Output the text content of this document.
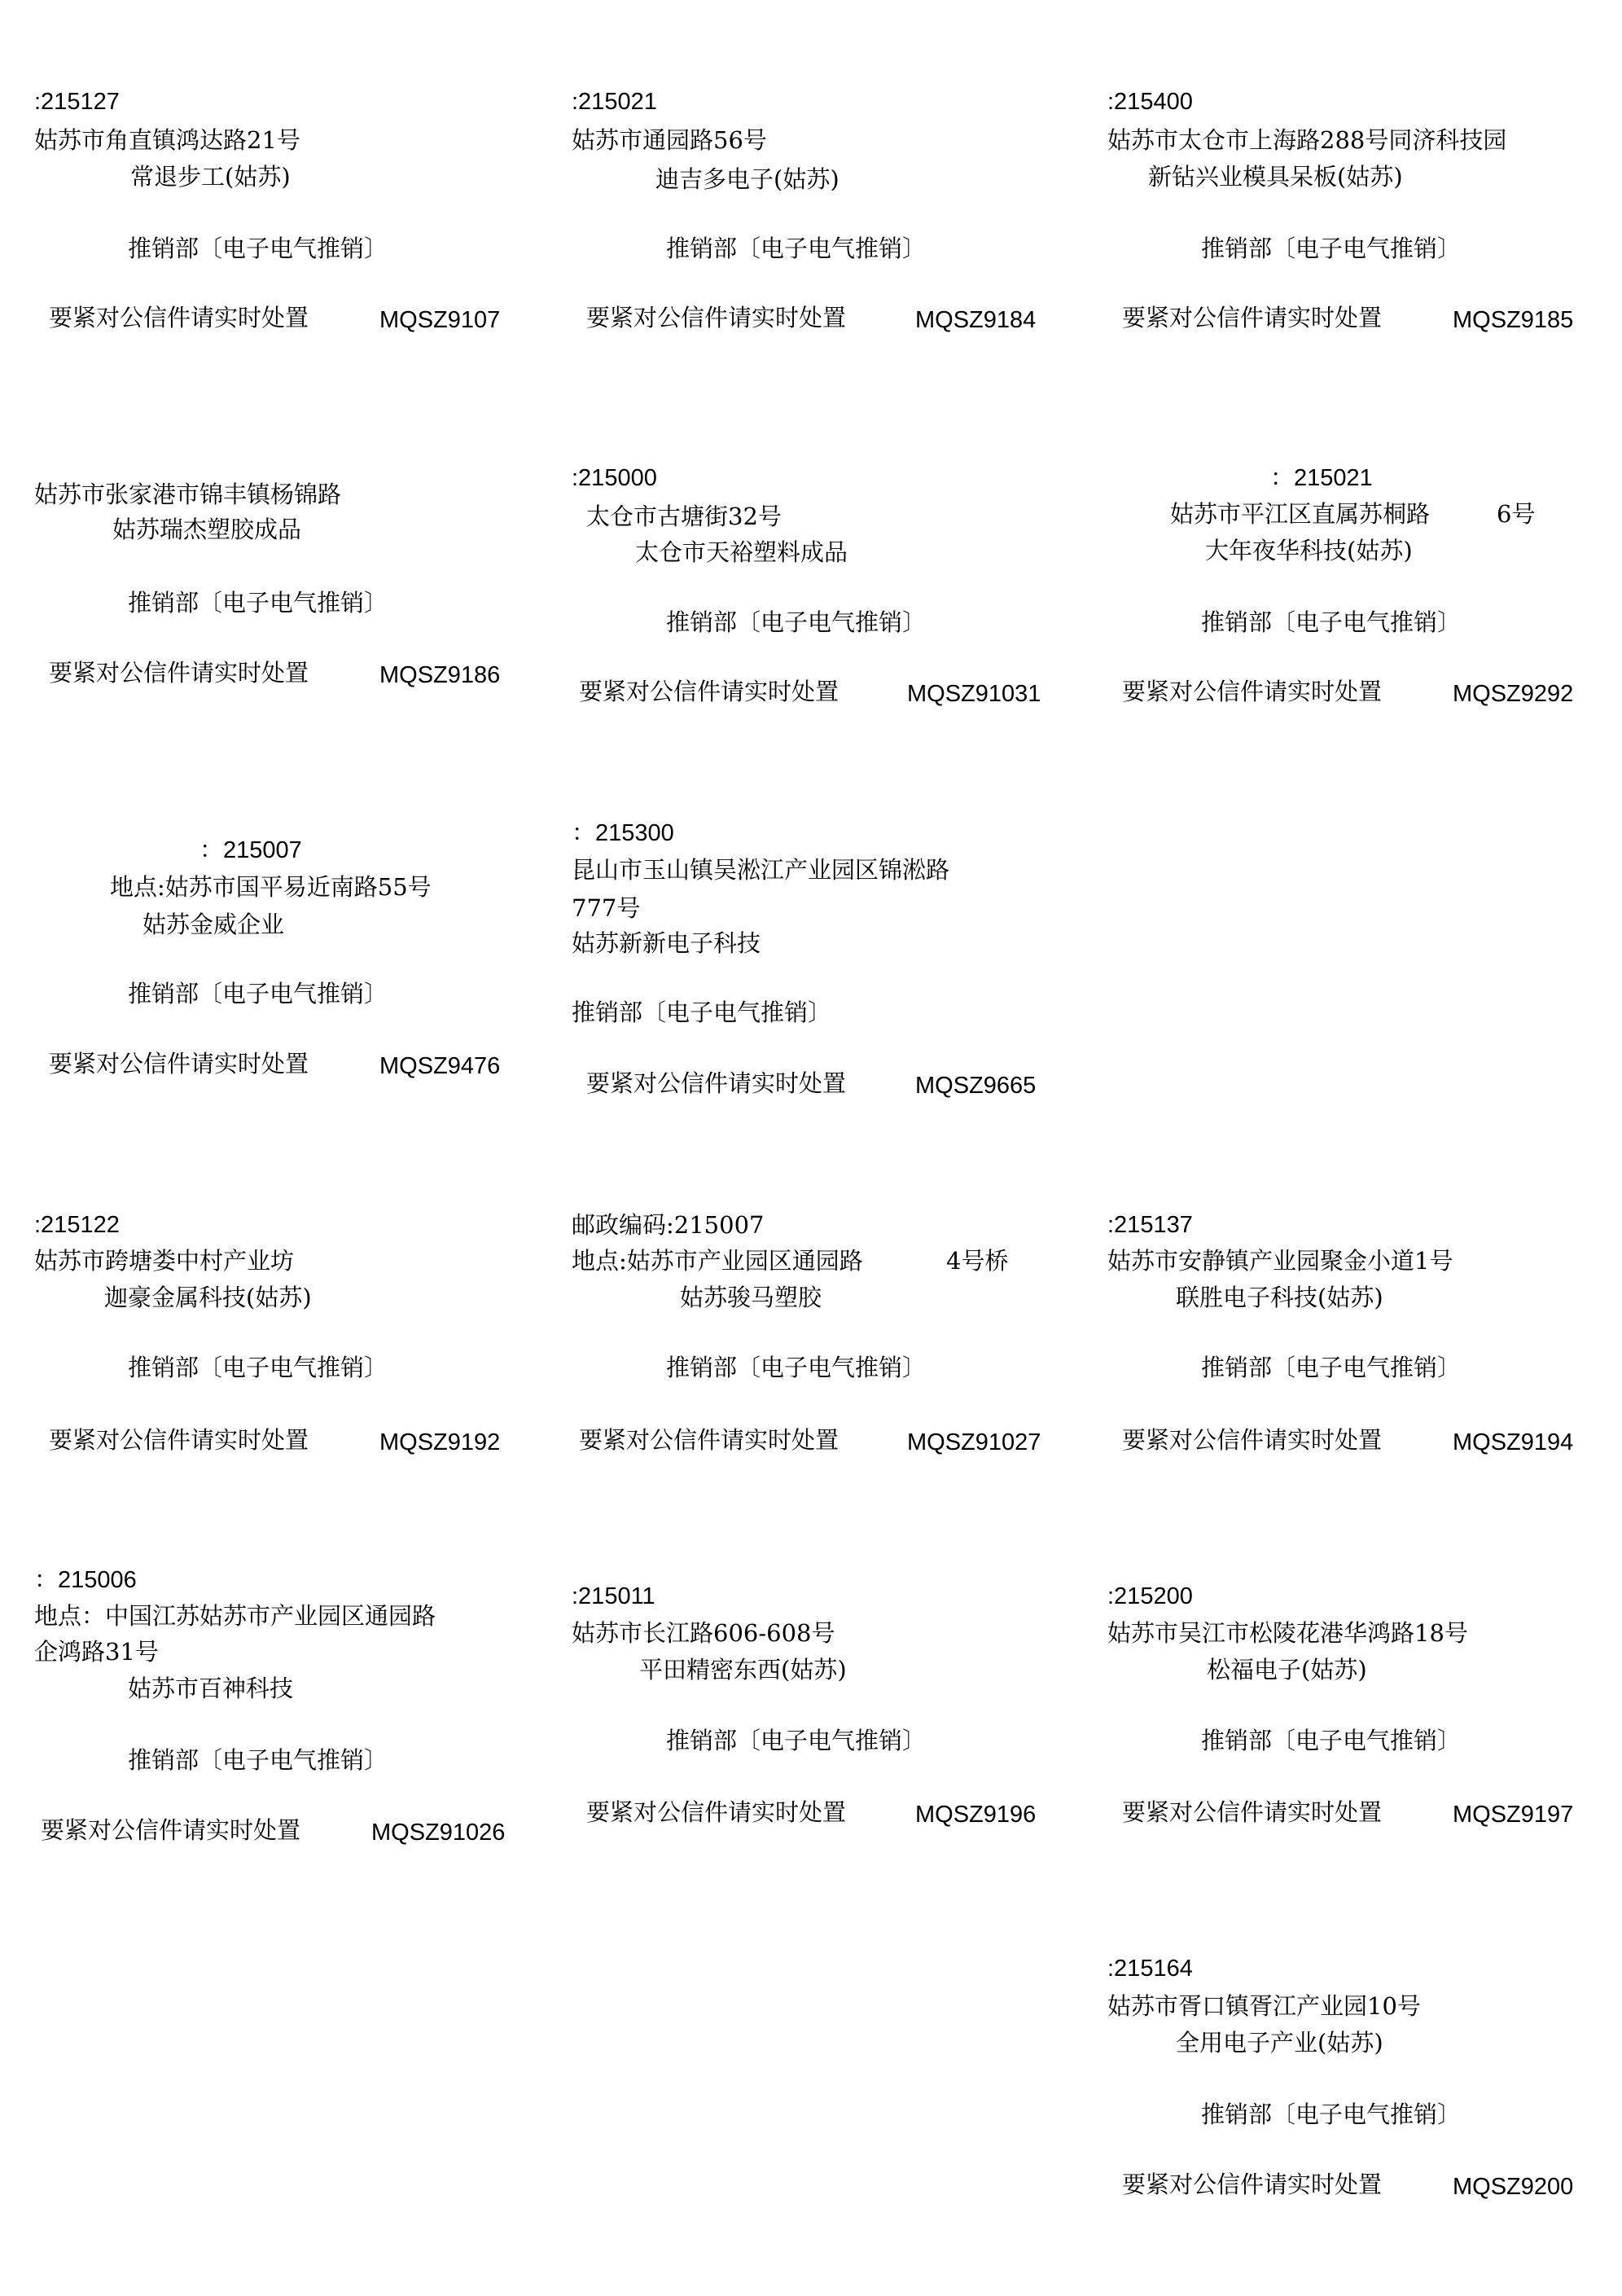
:215127
姑苏市角直镇鸿达路21号
常退步工(姑苏)
推销部〔电子电气推销〕
要紧对公信件请实时处置	MQSZ9107
:215021
姑苏市通园路56号
迪吉多电子(姑苏)
推销部〔电子电气推销〕
要紧对公信件请实时处置	MQSZ9184
:215400
姑苏市太仓市上海路288号同济科技园
新钻兴业模具呆板(姑苏)
推销部〔电子电气推销〕
要紧对公信件请实时处置	MQSZ9185
姑苏市张家港市锦丰镇杨锦路
姑苏瑞杰塑胶成品
推销部〔电子电气推销〕
要紧对公信件请实时处置	MQSZ9186
:215000
太仓市古塘街32号
太仓市天裕塑料成品
推销部〔电子电气推销〕
要紧对公信件请实时处置	MQSZ91031
：215021
姑苏市平江区直属苏桐路	6号
大年夜华科技(姑苏)
推销部〔电子电气推销〕
要紧对公信件请实时处置	MQSZ9292
：215007
地点:姑苏市国平易近南路55号
姑苏金威企业
推销部〔电子电气推销〕
要紧对公信件请实时处置	MQSZ9476
：215300
昆山市玉山镇吴淞江产业园区锦淞路
777号
姑苏新新电子科技
推销部〔电子电气推销〕
要紧对公信件请实时处置	MQSZ9665
:215122
姑苏市跨塘娄中村产业坊
迦豪金属科技(姑苏)
推销部〔电子电气推销〕
要紧对公信件请实时处置	MQSZ9192
邮政编码:215007
地点:姑苏市产业园区通园路	4号桥
姑苏骏马塑胶
推销部〔电子电气推销〕
要紧对公信件请实时处置	MQSZ91027
:215137
姑苏市安静镇产业园聚金小道1号
联胜电子科技(姑苏)
推销部〔电子电气推销〕
要紧对公信件请实时处置	MQSZ9194
：215006
地点：中国江苏姑苏市产业园区通园路
企鸿路31号
姑苏市百神科技
推销部〔电子电气推销〕
要紧对公信件请实时处置	MQSZ91026
:215011
姑苏市长江路606-608号
平田精密东西(姑苏)
推销部〔电子电气推销〕
要紧对公信件请实时处置	MQSZ9196
:215200
姑苏市吴江市松陵花港华鸿路18号
松福电子(姑苏)
推销部〔电子电气推销〕
要紧对公信件请实时处置	MQSZ9197
:215164
姑苏市胥口镇胥江产业园10号
全用电子产业(姑苏)
推销部〔电子电气推销〕
要紧对公信件请实时处置	MQSZ9200
